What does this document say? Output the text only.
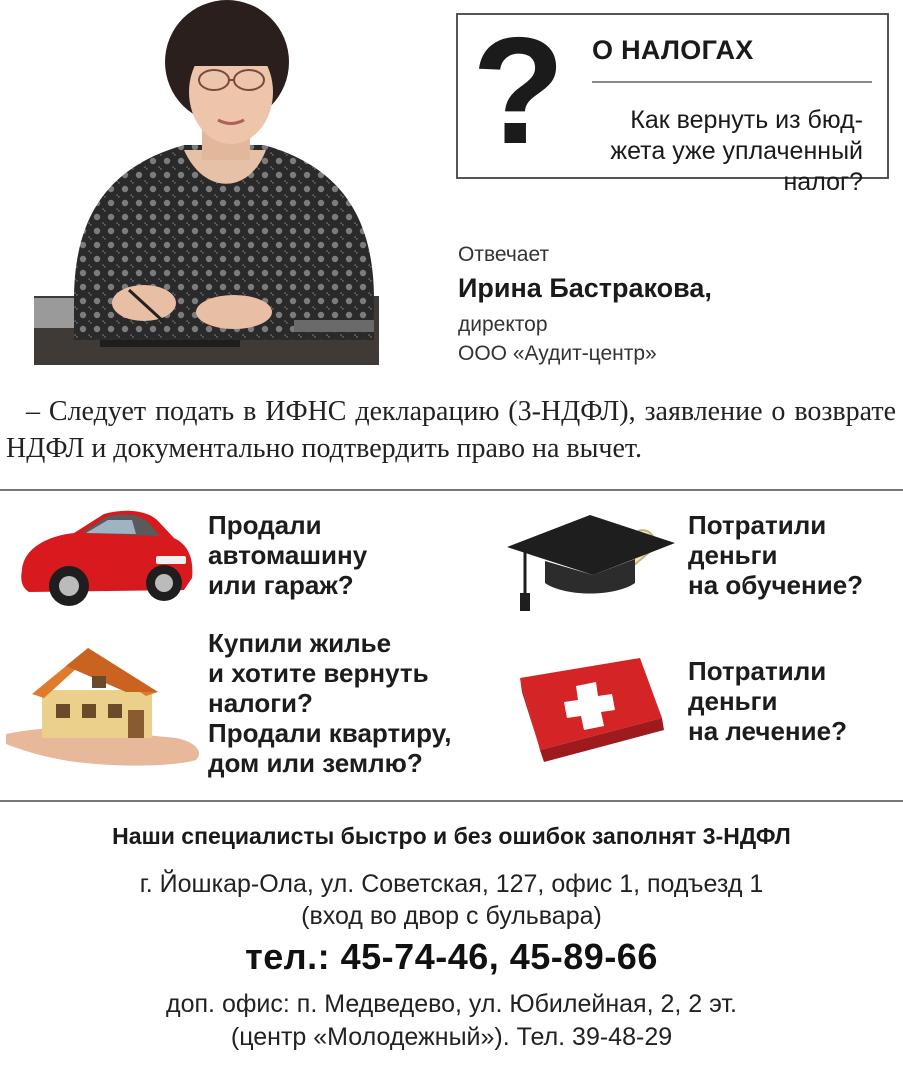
? О НАЛОГАХ
Как вернуть из бюд-
жета уже уплаченный налог?
Отвечает
Ирина Бастракова,
директор
ООО «Аудит-центр»
– Следует подать в ИФНС декларацию (3-НДФЛ), заявление о возврате НДФЛ и документально подтвердить право на вычет.
Продали
автомашину
или гараж?
Потратили
деньги
на обучение?
Купили жилье
и хотите вернуть
налоги?
Продали квартиру,
дом или землю?
Потратили
деньги
на лечение?
Наши специалисты быстро и без ошибок заполнят 3-НДФЛ
г. Йошкар-Ола, ул. Советская, 127, офис 1, подъезд 1
(вход во двор с бульвара)
тел.: 45-74-46, 45-89-66
доп. офис: п. Медведево, ул. Юбилейная, 2, 2 эт.
(центр «Молодежный»). Тел. 39-48-29
